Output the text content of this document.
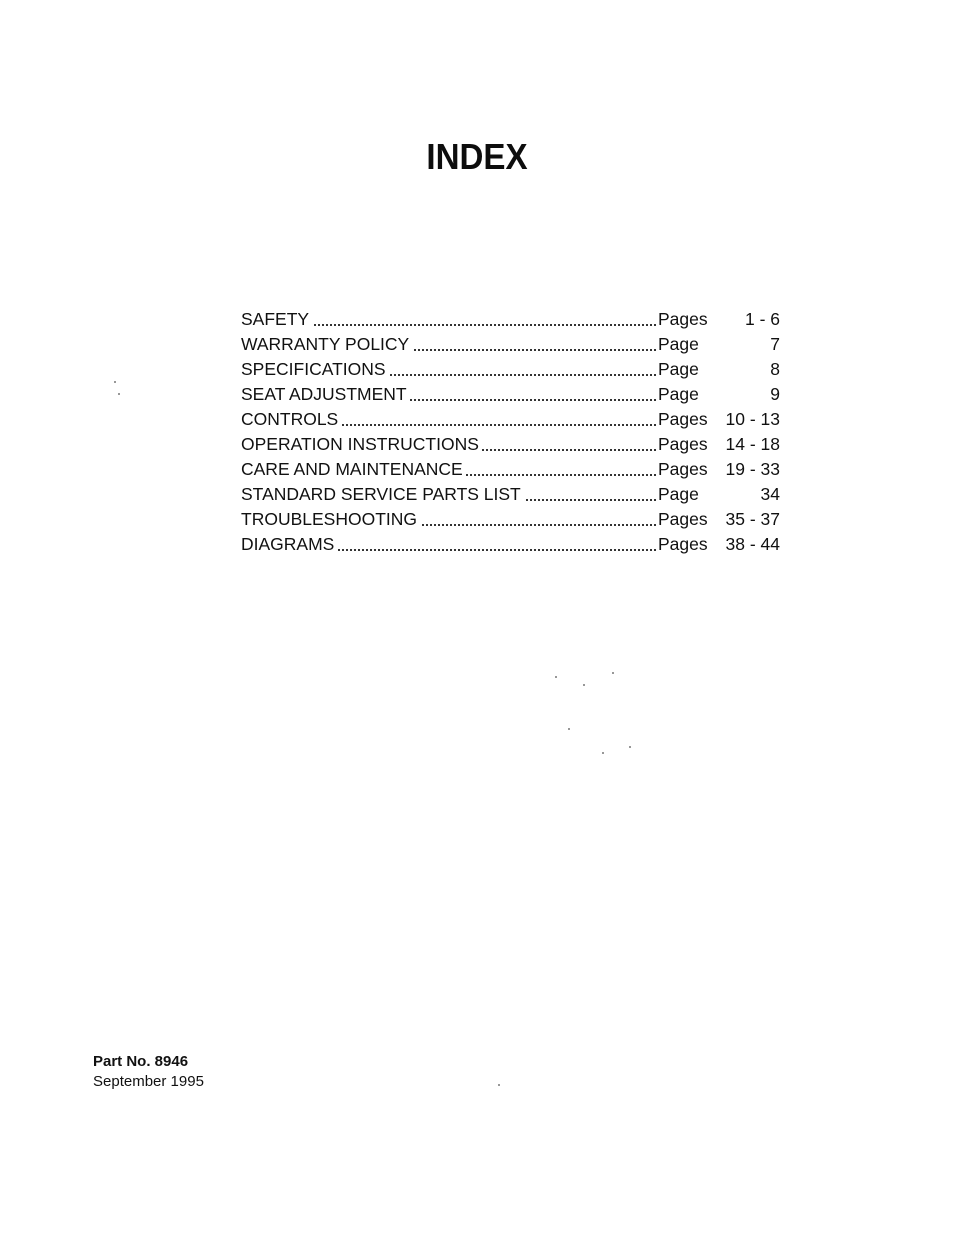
INDEX
SAFETY	Pages	1 - 6
WARRANTY POLICY	Page	7
SPECIFICATIONS	Page	8
SEAT ADJUSTMENT	Page	9
CONTROLS	Pages	10 - 13
OPERATION INSTRUCTIONS	Pages	14 - 18
CARE AND MAINTENANCE	Pages	19 - 33
STANDARD SERVICE PARTS LIST	Page	34
TROUBLESHOOTING	Pages	35 - 37
DIAGRAMS	Pages	38 - 44
Part No. 8946
September 1995
